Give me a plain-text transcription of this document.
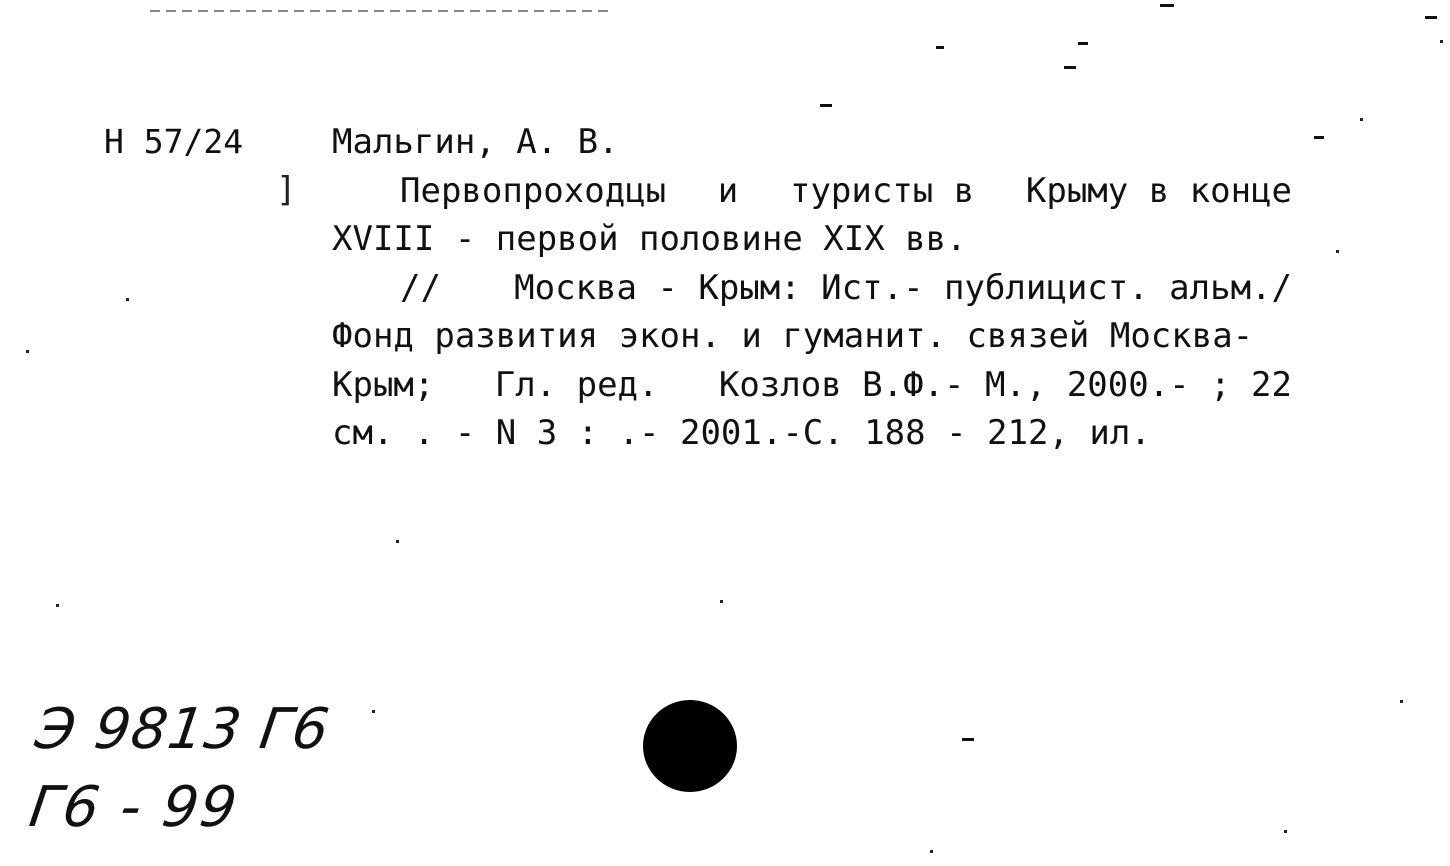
Н 57/24
]
Мальгин, А. В.
Первопроходцы и туристы в Крыму в конце
XVIII - первой половине XIX вв.
// Москва - Крым: Ист.- публицист. альм./
Фонд развития экон. и гуманит. связей Москва-
Крым; Гл. ред. Козлов В.Ф.- М., 2000.- ; 22
см. . - N 3 : .- 2001.-С. 188 - 212, ил.
Э 9813 Г6
Г6 - 99
